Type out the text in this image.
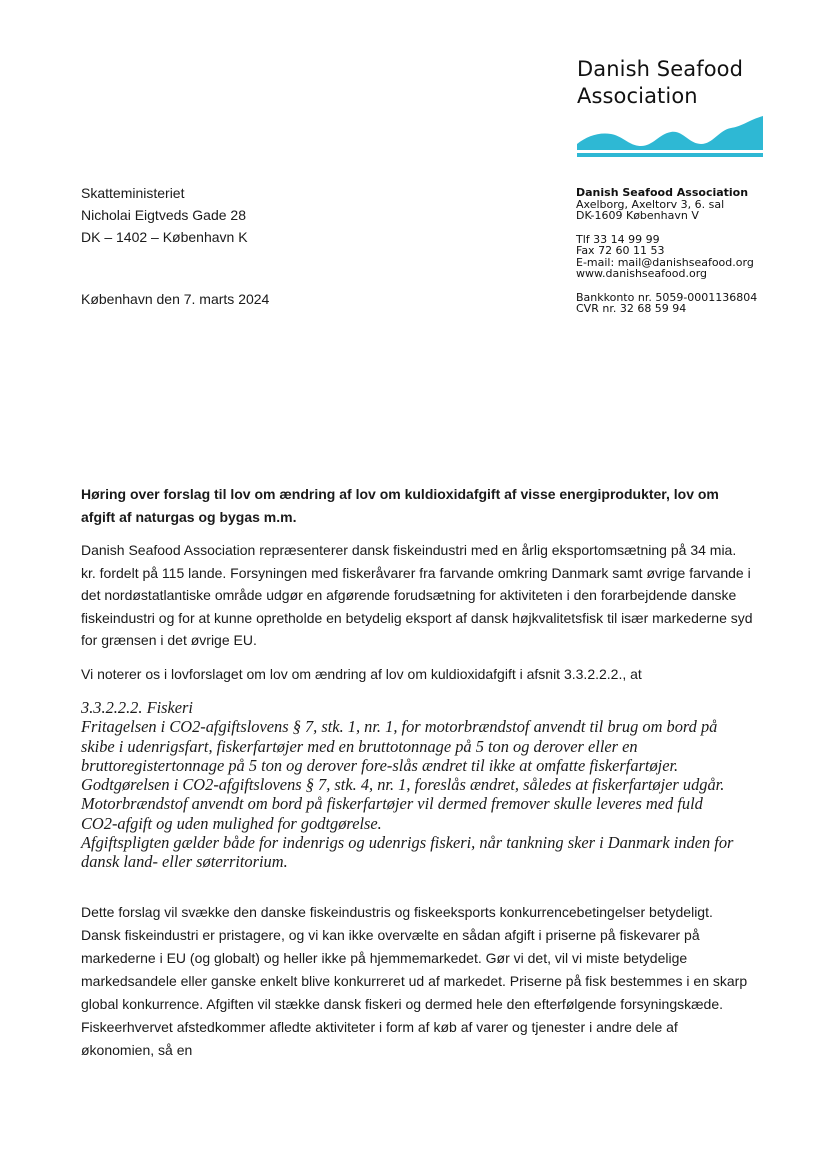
Danish Seafood
Association
Skatteministeriet
Nicholai Eigtveds Gade 28
DK – 1402 – København K
København den 7. marts 2024
Danish Seafood Association
Axelborg, Axeltorv 3, 6. sal
DK-1609 København V
Tlf 33 14 99 99
Fax 72 60 11 53
E-mail: mail@danishseafood.org
www.danishseafood.org
Bankkonto nr. 5059-0001136804
CVR nr. 32 68 59 94

Høring over forslag til lov om ændring af lov om kuldioxidafgift af visse energiprodukter, lov om afgift af naturgas og bygas m.m.

Danish Seafood Association repræsenterer dansk fiskeindustri med en årlig eksportomsætning på 34 mia. kr. fordelt på 115 lande. Forsyningen med fiskeråvarer fra farvande omkring Danmark samt øvrige farvande i det nordøstatlantiske område udgør en afgørende forudsætning for aktiviteten i den forarbejdende danske fiskeindustri og for at kunne opretholde en betydelig eksport af dansk højkvalitetsfisk til især markederne syd for grænsen i det øvrige EU.

Vi noterer os i lovforslaget om lov om ændring af lov om kuldioxidafgift i afsnit 3.3.2.2.2., at

3.3.2.2.2. Fiskeri
Fritagelsen i CO2-afgiftslovens § 7, stk. 1, nr. 1, for motorbrændstof anvendt til brug om bord på
skibe i udenrigsfart, fiskerfartøjer med en bruttotonnage på 5 ton og derover eller en
bruttoregistertonnage på 5 ton og derover fore-slås ændret til ikke at omfatte fiskerfartøjer.
Godtgørelsen i CO2-afgiftslovens § 7, stk. 4, nr. 1, foreslås ændret, således at fiskerfartøjer udgår.
Motorbrændstof anvendt om bord på fiskerfartøjer vil dermed fremover skulle leveres med fuld
CO2-afgift og uden mulighed for godtgørelse.
Afgiftspligten gælder både for indenrigs og udenrigs fiskeri, når tankning sker i Danmark inden for
dansk land- eller søterritorium.

Dette forslag vil svække den danske fiskeindustris og fiskeeksports konkurrencebetingelser betydeligt. Dansk fiskeindustri er pristagere, og vi kan ikke overvælte en sådan afgift i priserne på fiskevarer på markederne i EU (og globalt) og heller ikke på hjemmemarkedet. Gør vi det, vil vi miste betydelige markedsandele eller ganske enkelt blive konkurreret ud af markedet. Priserne på fisk bestemmes i en skarp global konkurrence. Afgiften vil stække dansk fiskeri og dermed hele den efterfølgende forsyningskæde. Fiskeerhvervet afstedkommer afledte aktiviteter i form af køb af varer og tjenester i andre dele af økonomien, så en
